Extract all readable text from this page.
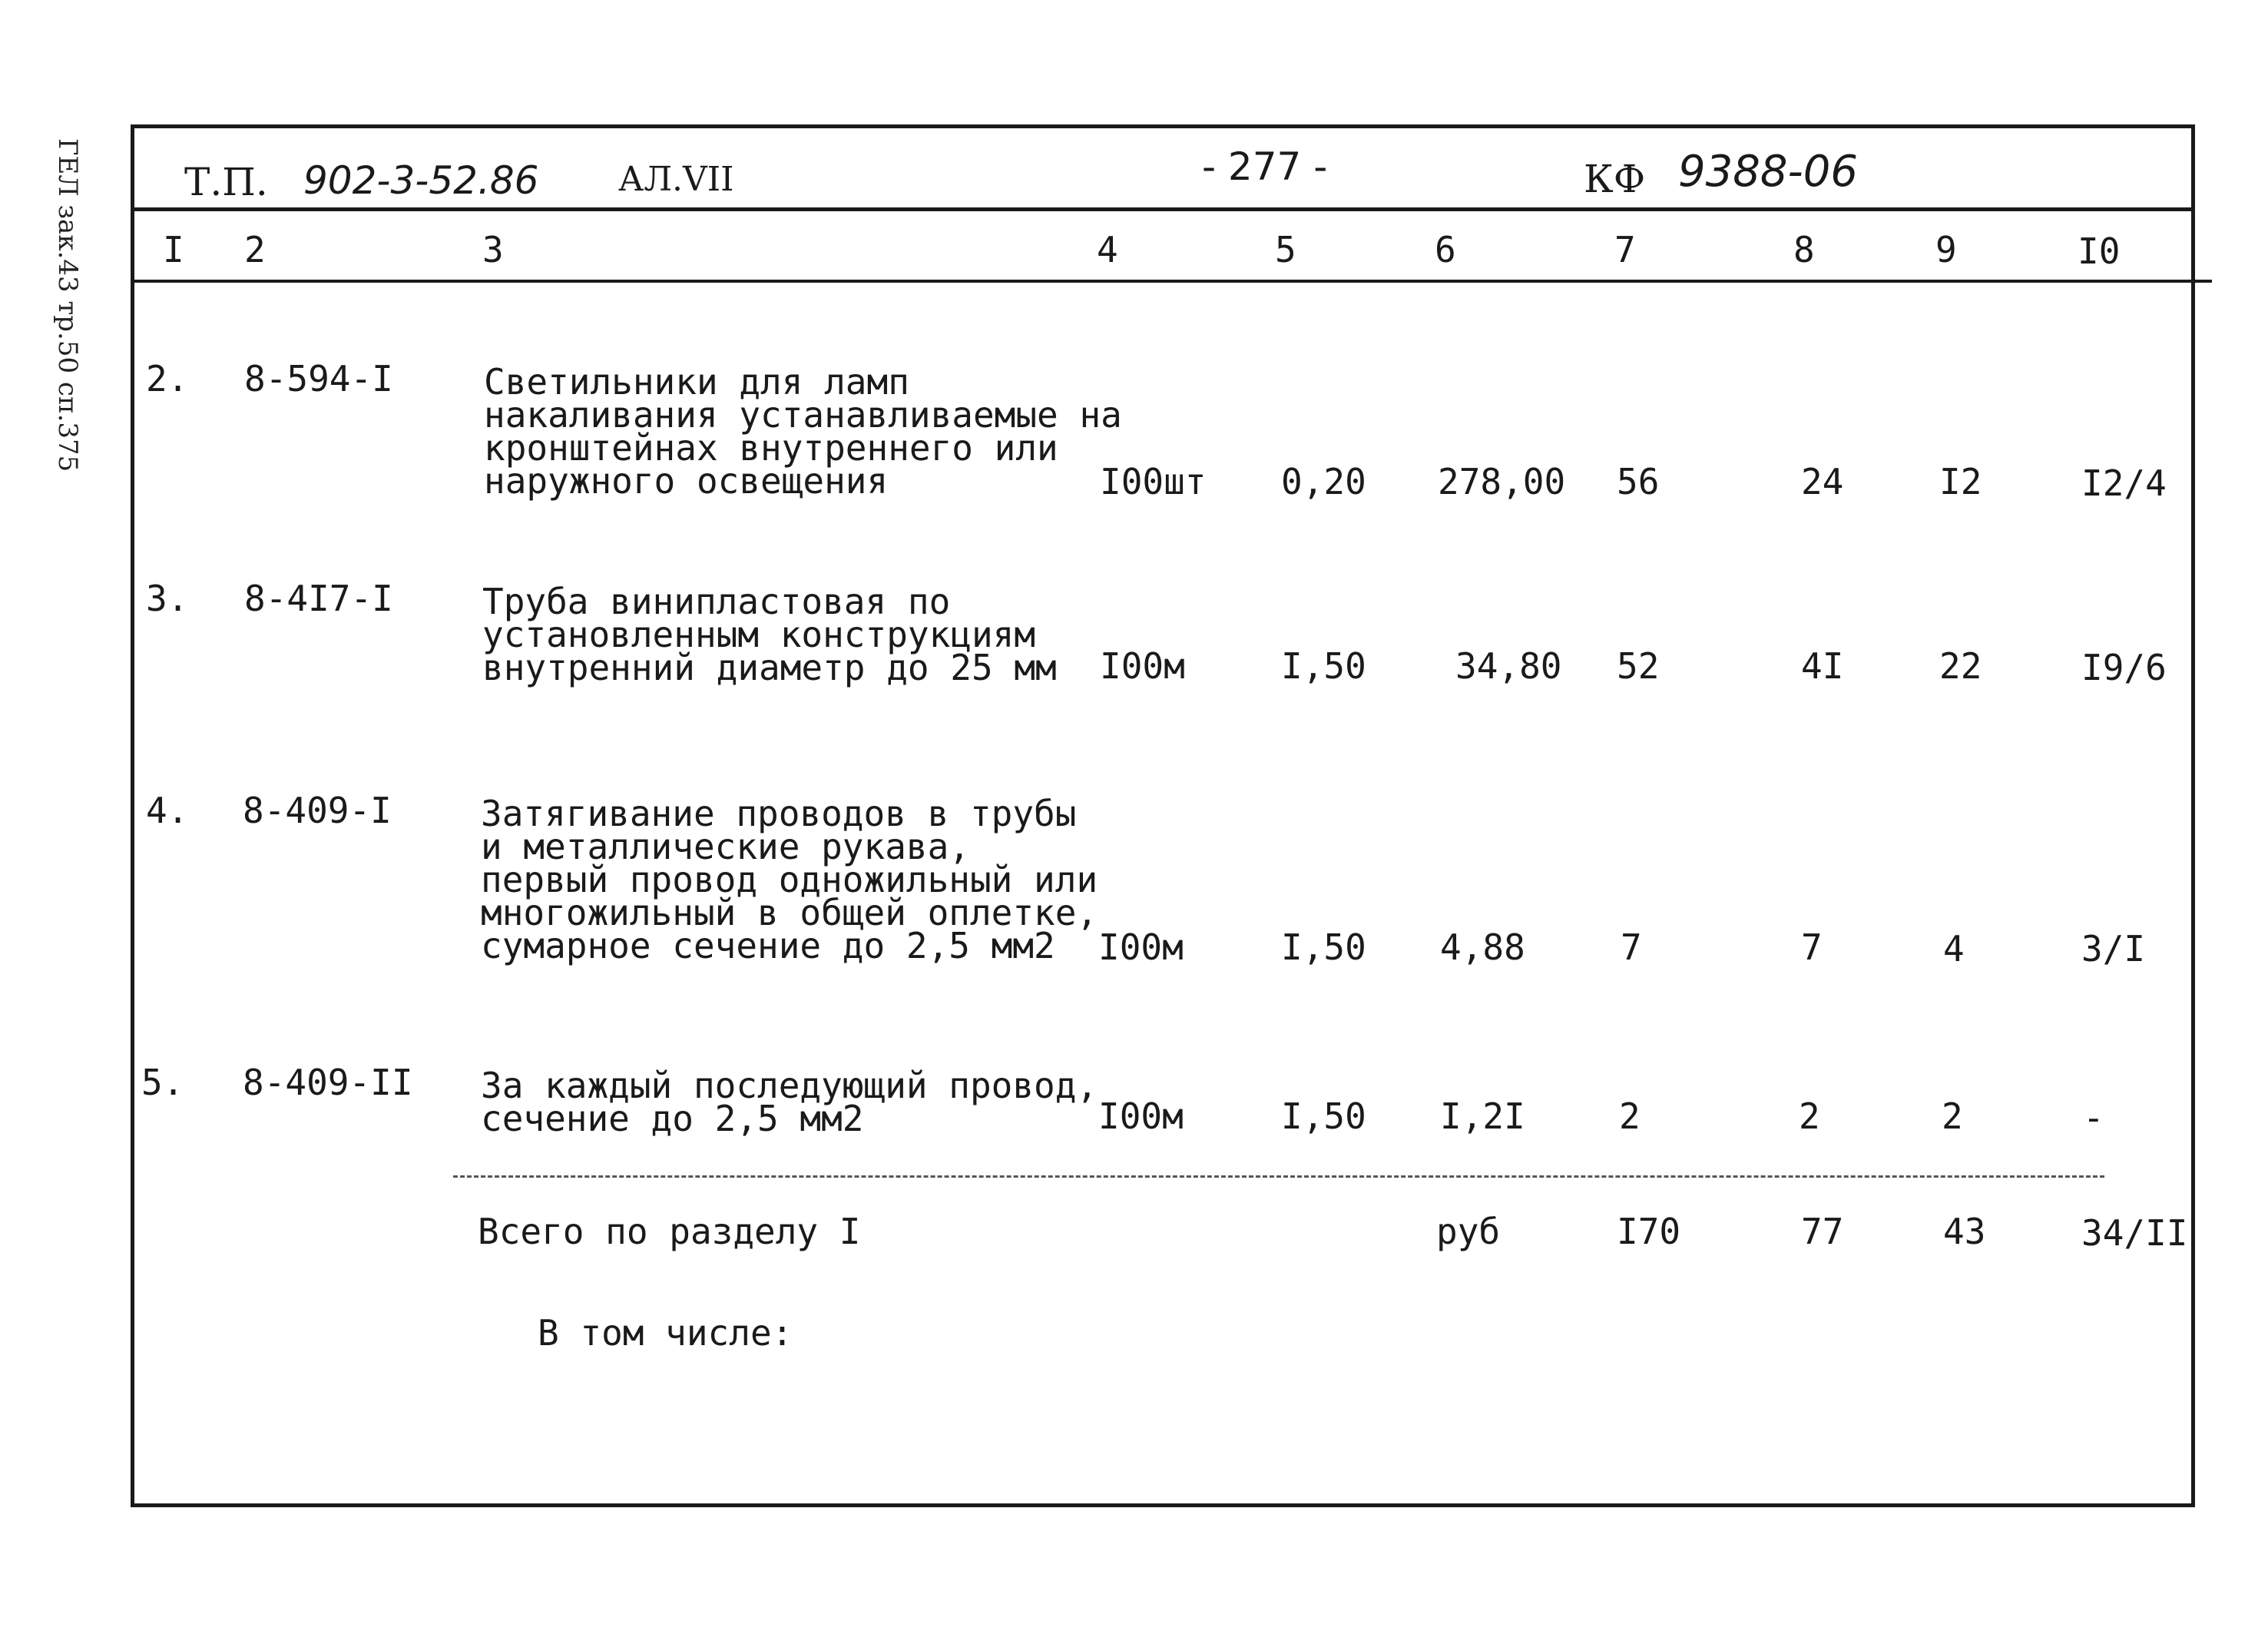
ГЕЛ зак.43 тр.50 сп.375	Т.П. 902-3-52.86 АЛ.VII	- 277 -	КФ 9388-06
I 2	3	4	5	6	7	8	9	I0
2. 8-594-I	Светильники для ламп
накаливания устанавливаемые на
кронштейнах внутреннего или
наружного освещения	I00шт 0,20 278,00 56	24	I2	I2/4
3. 8-4I7-I	Труба винипластовая по
установленным конструкциям
внутренний диаметр до 25 мм I00м	I,50	34,80 52	4I	22	I9/6
4. 8-409-I	Затягивание проводов в трубы
и металлические рукава,
первый провод одножильный или
многожильный в общей оплетке,
сумарное сечение до 2,5 мм2	I00м	I,50 4,88	7	7	4	3/I
5. 8-409-II За каждый последующий провод,
сечение до 2,5 мм2	I00м	I,50 I,2I	2	2	2	-
Всего по разделу I	руб	I70	77	43	34/II
В том числе:
